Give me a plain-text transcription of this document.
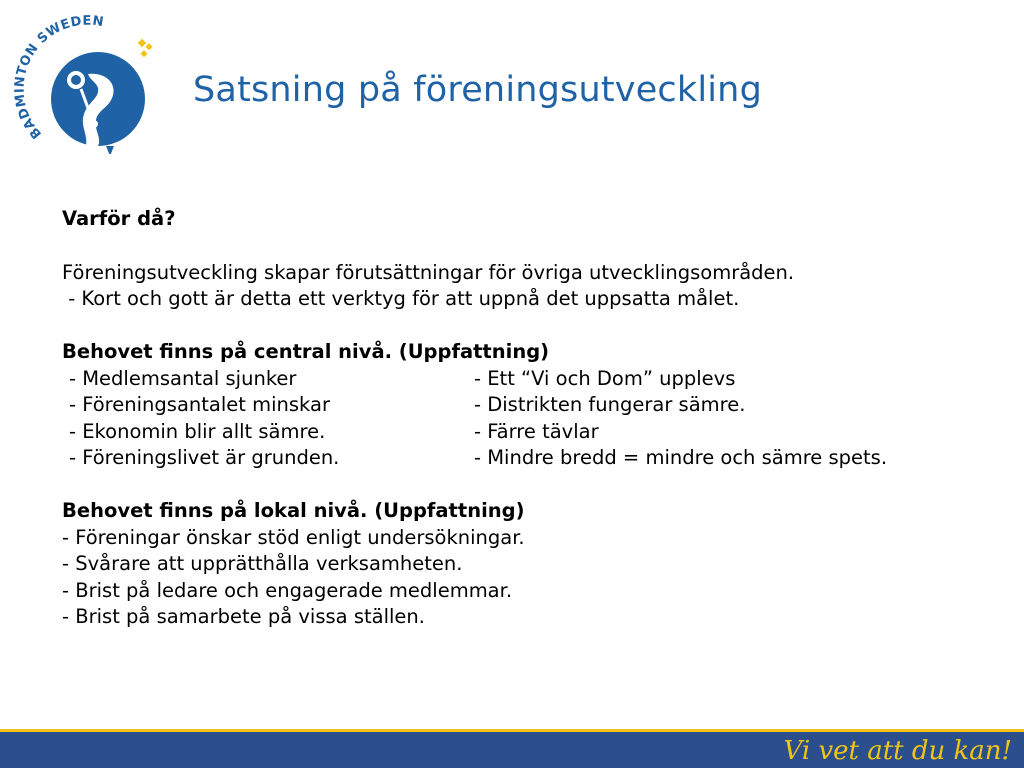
BADMINTON SWEDEN
Satsning på föreningsutveckling
Varför då?
Föreningsutveckling skapar förutsättningar för övriga utvecklingsområden.
- Kort och gott är detta ett verktyg för att uppnå det uppsatta målet.
Behovet finns på central nivå. (Uppfattning)
- Medlemsantal sjunker	- Ett “Vi och Dom” upplevs
- Föreningsantalet minskar	- Distrikten fungerar sämre.
- Ekonomin blir allt sämre.	- Färre tävlar
- Föreningslivet är grunden.	- Mindre bredd = mindre och sämre spets.
Behovet finns på lokal nivå. (Uppfattning)
- Föreningar önskar stöd enligt undersökningar.
- Svårare att upprätthålla verksamheten.
- Brist på ledare och engagerade medlemmar.
- Brist på samarbete på vissa ställen.
Vi vet att du kan!
